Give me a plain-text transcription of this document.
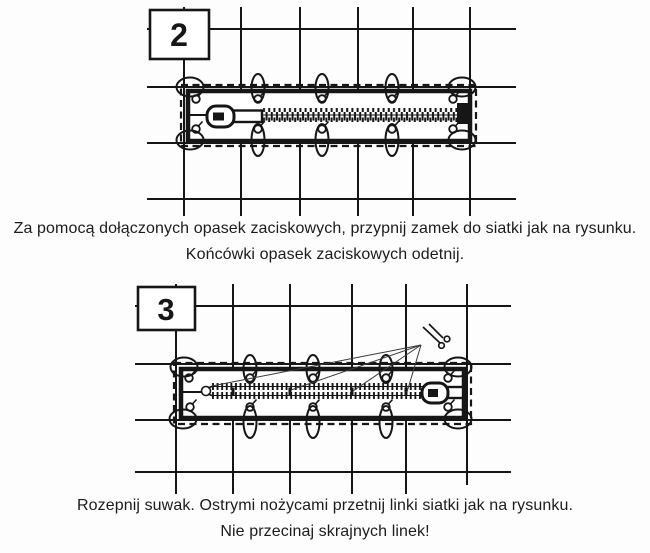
2

Za pomocą dołączonych opasek zaciskowych, przypnij zamek do siatki jak na rysunku.
Końcówki opasek zaciskowych odetnij.

3

Rozepnij suwak. Ostrymi nożycami przetnij linki siatki jak na rysunku.
Nie przecinaj skrajnych linek!
